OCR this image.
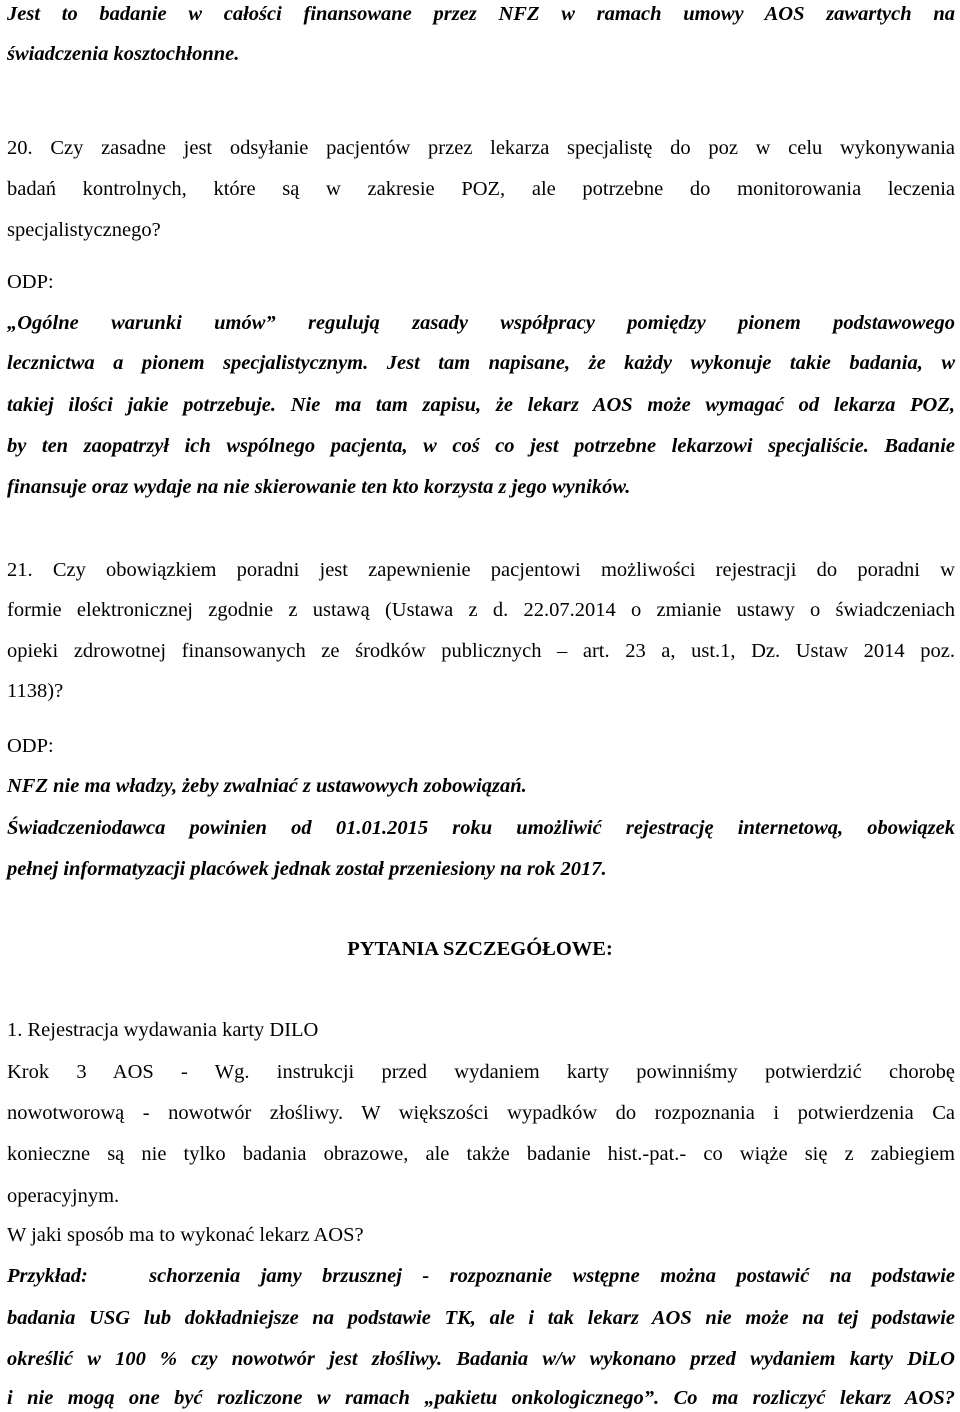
Jest to badanie w całości finansowane przez NFZ w ramach umowy AOS zawartych na
świadczenia kosztochłonne.
20. Czy zasadne jest odsyłanie pacjentów przez lekarza specjalistę do poz w celu wykonywania
badań kontrolnych, które są w zakresie POZ, ale potrzebne do monitorowania leczenia
specjalistycznego?
ODP:
„Ogólne warunki umów” regulują zasady współpracy pomiędzy pionem podstawowego
lecznictwa a pionem specjalistycznym. Jest tam napisane, że każdy wykonuje takie badania, w
takiej ilości jakie potrzebuje. Nie ma tam zapisu, że lekarz AOS może wymagać od lekarza POZ,
by ten zaopatrzył ich wspólnego pacjenta, w coś co jest potrzebne lekarzowi specjaliście. Badanie
finansuje oraz wydaje na nie skierowanie ten kto korzysta z jego wyników.
21. Czy obowiązkiem poradni jest zapewnienie pacjentowi możliwości rejestracji do poradni w
formie elektronicznej zgodnie z ustawą (Ustawa z d. 22.07.2014 o zmianie ustawy o świadczeniach
opieki zdrowotnej finansowanych ze środków publicznych – art. 23 a, ust.1, Dz. Ustaw 2014 poz.
1138)?
ODP:
NFZ nie ma władzy, żeby zwalniać z ustawowych zobowiązań.
Świadczeniodawca powinien od 01.01.2015 roku umożliwić rejestrację internetową, obowiązek
pełnej informatyzacji placówek jednak został przeniesiony na rok 2017.
PYTANIA SZCZEGÓŁOWE:
1. Rejestracja wydawania karty DILO
Krok 3 AOS - Wg. instrukcji przed wydaniem karty powinniśmy potwierdzić chorobę
nowotworową - nowotwór złośliwy. W większości wypadków do rozpoznania i potwierdzenia Ca
konieczne są nie tylko badania obrazowe, ale także badanie hist.-pat.- co wiąże się z zabiegiem
operacyjnym.
W jaki sposób ma to wykonać lekarz AOS?
Przykład:	schorzenia jamy brzusznej - rozpoznanie wstępne można postawić na podstawie
badania USG lub dokładniejsze na podstawie TK, ale i tak lekarz AOS nie może na tej podstawie
określić w 100 % czy nowotwór jest złośliwy. Badania w/w wykonano przed wydaniem karty DiLO
i nie mogą one być rozliczone w ramach „pakietu onkologicznego”. Co ma rozliczyć lekarz AOS?
